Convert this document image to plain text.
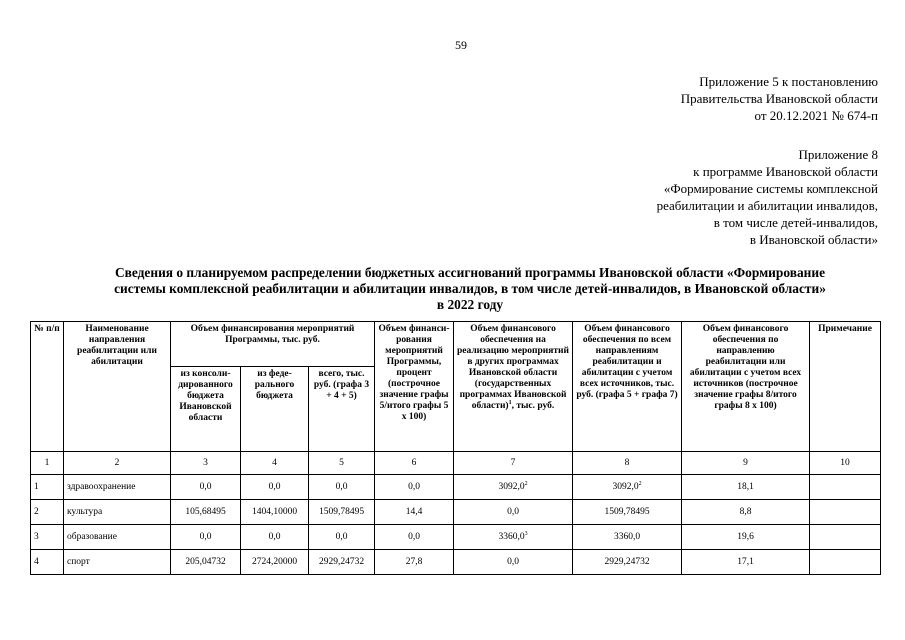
59
Приложение 5 к постановлению
Правительства Ивановской области
от 20.12.2021 № 674-п
Приложение 8
к программе Ивановской области
«Формирование системы комплексной
реабилитации и абилитации инвалидов,
в том числе детей-инвалидов,
в Ивановской области»
Сведения о планируемом распределении бюджетных ассигнований программы Ивановской области «Формирование
системы комплексной реабилитации и абилитации инвалидов, в том числе детей-инвалидов, в Ивановской области»
в 2022 году
№ п/п	Наименование направления реабилитации или абилитации	Объем финансирования мероприятий Программы, тыс. руб.			Объем финанси-рования мероприятий Программы, процент (построчное значение графы 5/итого графы 5 х 100)	Объем финансового обеспечения на реализацию мероприятий в других программах Ивановской области (государственных программах Ивановской области)$^1$, тыс. руб.	Объем финансового обеспечения по всем направлениям реабилитации и абилитации с учетом всех источников, тыс. руб. (графа 5 + графа 7)	Объем финансового обеспечения по направлению реабилитации или абилитации с учетом всех источников (построчное значение графы 8/итого графы 8 х 100)	Примечание
		из консоли-дированного бюджета Ивановской области	из феде-рального бюджета	всего, тыс. руб. (графа 3 + 4 + 5)					
1	2	3	4	5	6	7	8	9	10
1	здравоохранение	0,0	0,0	0,0	0,0	3092,0$^2$	3092,0$^2$	18,1	
2	культура	105,68495	1404,10000	1509,78495	14,4	0,0	1509,78495	8,8	
3	образование	0,0	0,0	0,0	0,0	3360,0$^3$	3360,0	19,6	
4	спорт	205,04732	2724,20000	2929,24732	27,8	0,0	2929,24732	17,1	
